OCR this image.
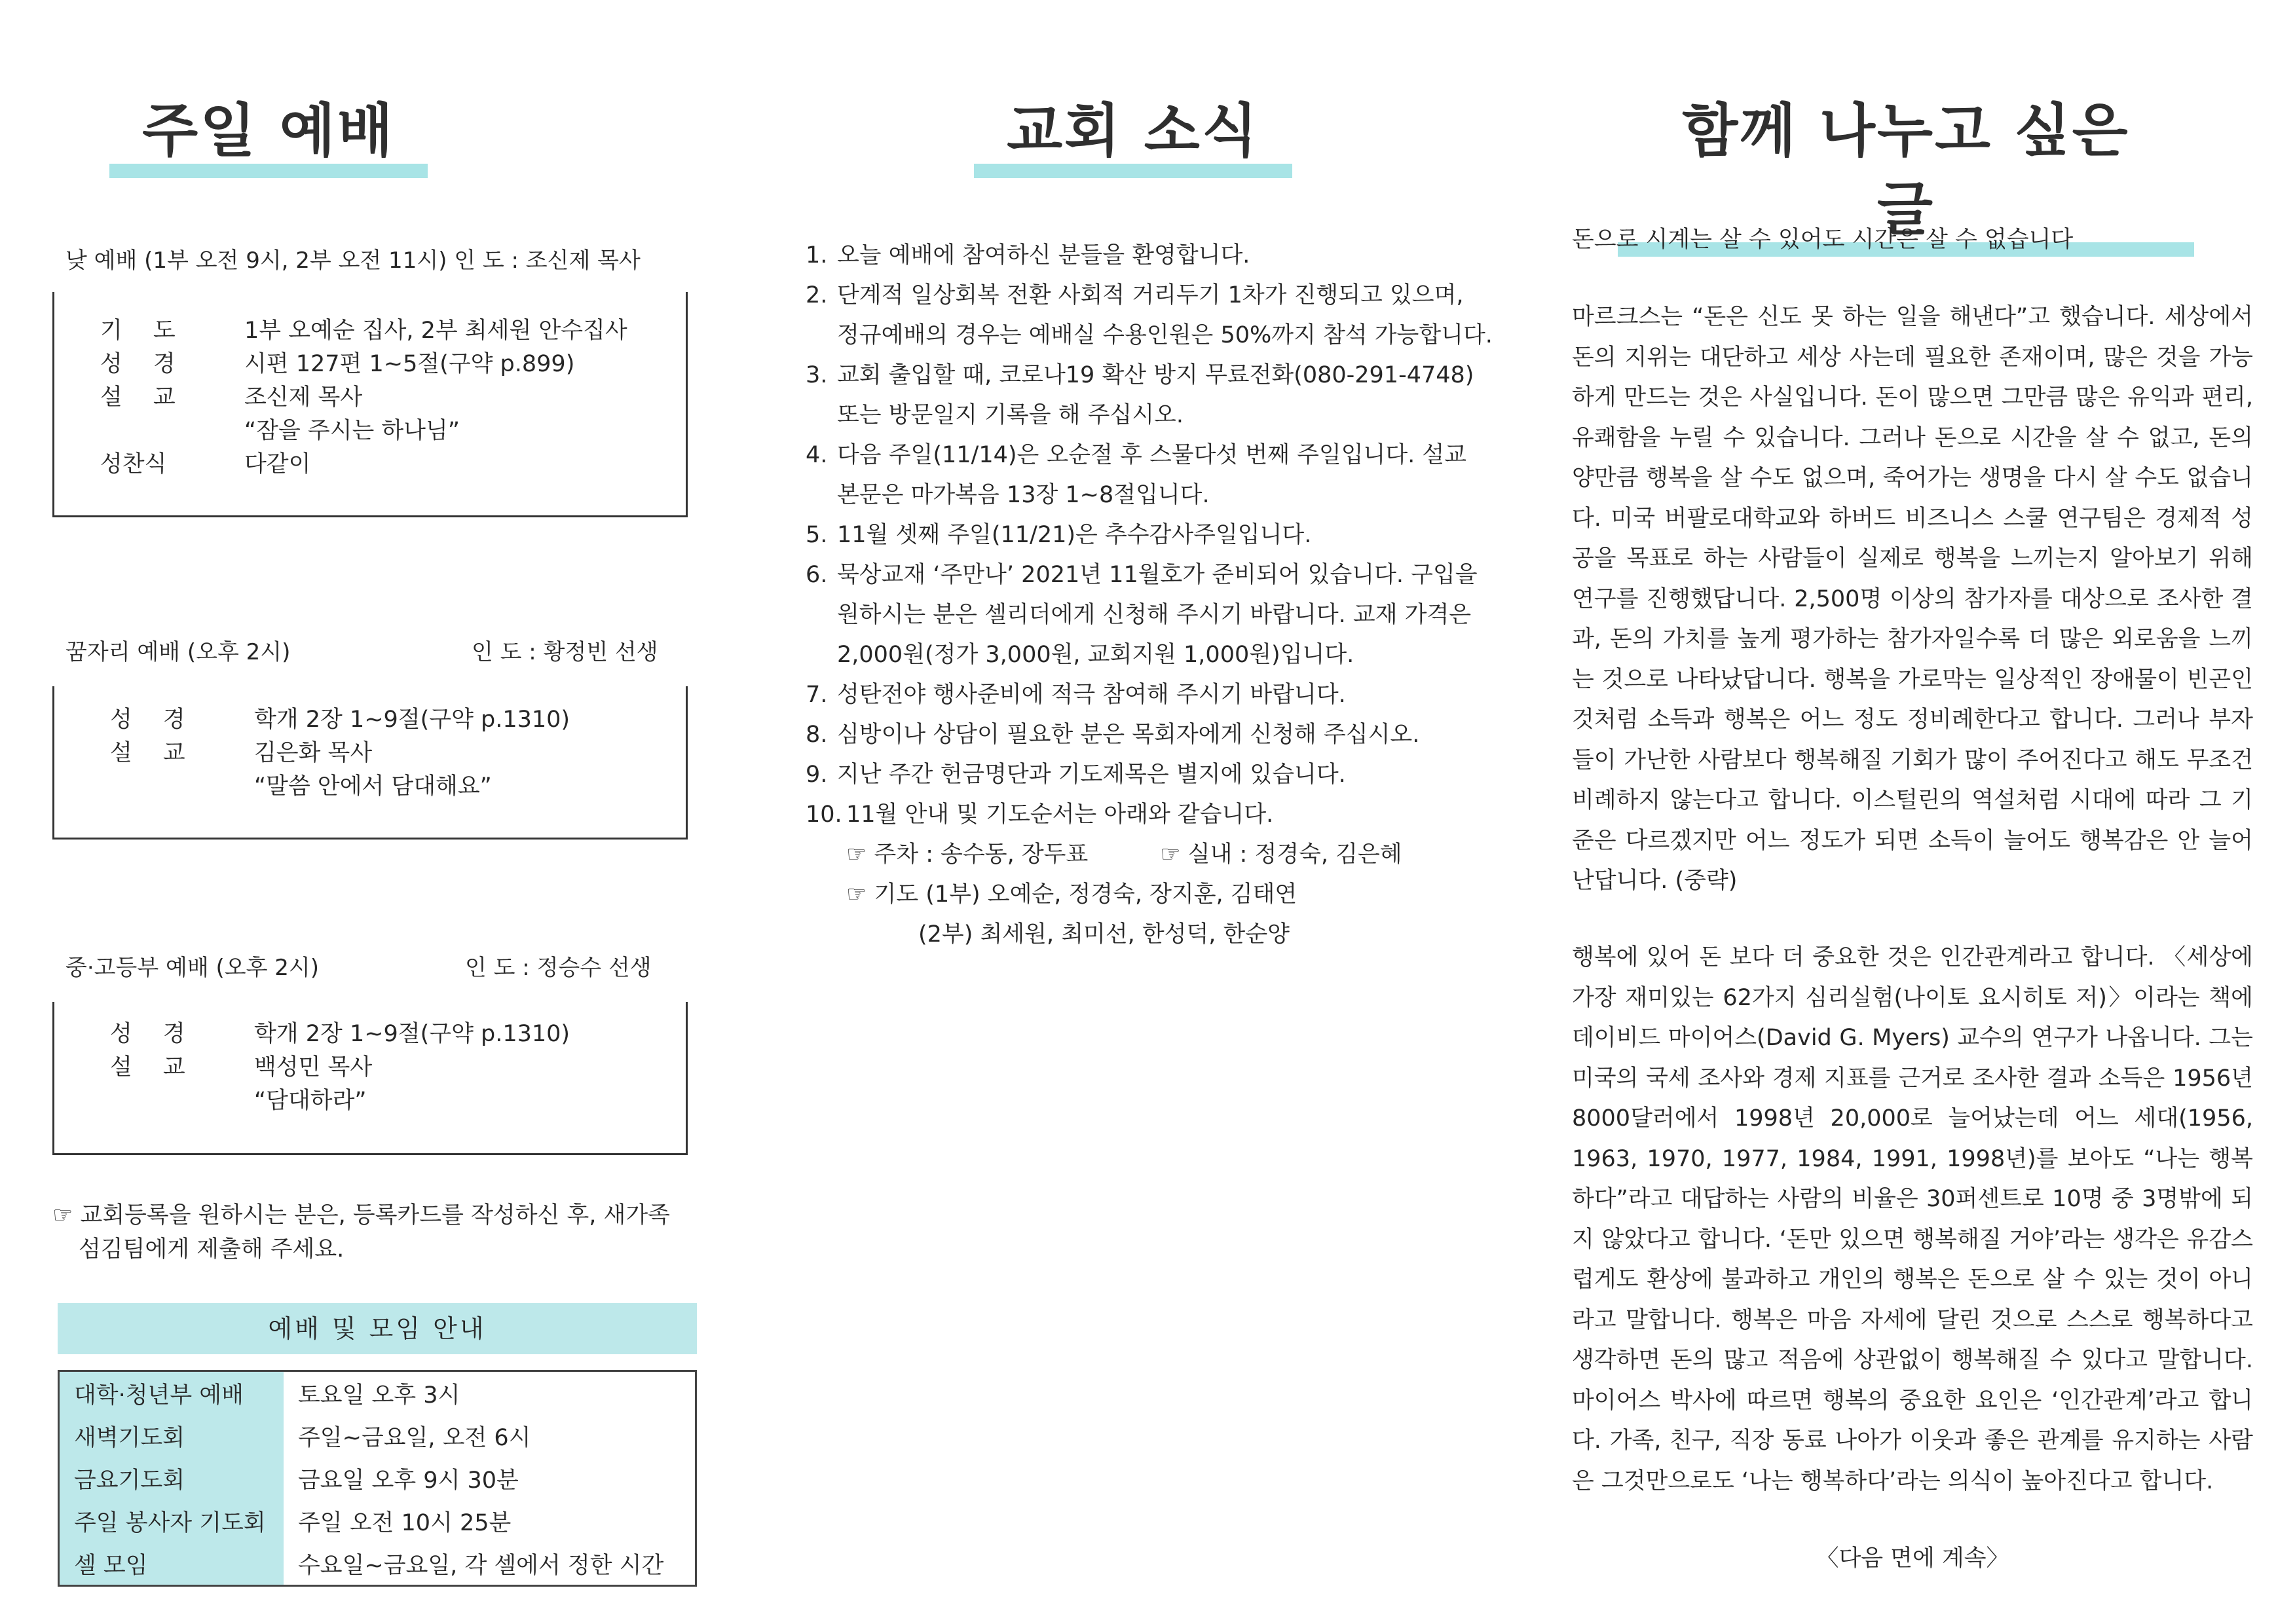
주일 예배
낮 예배 (1부 오전 9시, 2부 오전 11시) 인 도 : 조신제 목사
기 도	1부 오예순 집사, 2부 최세원 안수집사
성 경	시편 127편 1~5절(구약 p.899)
설 교	조신제 목사
“잠을 주시는 하나님”
성찬식	다같이
꿈자리 예배 (오후 2시)	인 도 : 황정빈 선생
성 경	학개 2장 1~9절(구약 p.1310)
설 교	김은화 목사
“말씀 안에서 담대해요”
중·고등부 예배 (오후 2시)	인 도 : 정승수 선생
성 경	학개 2장 1~9절(구약 p.1310)
설 교	백성민 목사
“담대하라”
☞ 교회등록을 원하시는 분은, 등록카드를 작성하신 후, 새가족
섬김팀에게 제출해 주세요.
예배 및 모임 안내
대학·청년부 예배	토요일 오후 3시
새벽기도회	주일~금요일, 오전 6시
금요기도회	금요일 오후 9시 30분
주일 봉사자 기도회	주일 오전 10시 25분
셀 모임	수요일~금요일, 각 셀에서 정한 시간
교회 소식
1. 오늘 예배에 참여하신 분들을 환영합니다.
2. 단계적 일상회복 전환 사회적 거리두기 1차가 진행되고 있으며,
정규예배의 경우는 예배실 수용인원은 50%까지 참석 가능합니다.
3. 교회 출입할 때, 코로나19 확산 방지 무료전화(080-291-4748)
또는 방문일지 기록을 해 주십시오.
4. 다음 주일(11/14)은 오순절 후 스물다섯 번째 주일입니다. 설교
본문은 마가복음 13장 1~8절입니다.
5. 11월 셋째 주일(11/21)은 추수감사주일입니다.
6. 묵상교재 ‘주만나’ 2021년 11월호가 준비되어 있습니다. 구입을
원하시는 분은 셀리더에게 신청해 주시기 바랍니다. 교재 가격은
2,000원(정가 3,000원, 교회지원 1,000원)입니다.
7. 성탄전야 행사준비에 적극 참여해 주시기 바랍니다.
8. 심방이나 상담이 필요한 분은 목회자에게 신청해 주십시오.
9. 지난 주간 헌금명단과 기도제목은 별지에 있습니다.
10. 11월 안내 및 기도순서는 아래와 같습니다.
☞ 주차 : 송수동, 장두표	☞ 실내 : 정경숙, 김은혜
☞ 기도 (1부) 오예순, 정경숙, 장지훈, 김태연
(2부) 최세원, 최미선, 한성덕, 한순양
함께 나누고 싶은 글
돈으로 시계는 살 수 있어도 시간은 살 수 없습니다

마르크스는 “돈은 신도 못 하는 일을 해낸다”고 했습니다. 세상에서 돈의 지위는 대단하고 세상 사는데 필요한 존재이며, 많은 것을 가능하게 만드는 것은 사실입니다. 돈이 많으면 그만큼 많은 유익과 편리, 유쾌함을 누릴 수 있습니다. 그러나 돈으로 시간을 살 수 없고, 돈의 양만큼 행복을 살 수도 없으며, 죽어가는 생명을 다시 살 수도 없습니다. 미국 버팔로대학교와 하버드 비즈니스 스쿨 연구팀은 경제적 성공을 목표로 하는 사람들이 실제로 행복을 느끼는지 알아보기 위해 연구를 진행했답니다. 2,500명 이상의 참가자를 대상으로 조사한 결과, 돈의 가치를 높게 평가하는 참가자일수록 더 많은 외로움을 느끼는 것으로 나타났답니다. 행복을 가로막는 일상적인 장애물이 빈곤인 것처럼 소득과 행복은 어느 정도 정비례한다고 합니다. 그러나 부자들이 가난한 사람보다 행복해질 기회가 많이 주어진다고 해도 무조건 비례하지 않는다고 합니다. 이스털린의 역설처럼 시대에 따라 그 기준은 다르겠지만 어느 정도가 되면 소득이 늘어도 행복감은 안 늘어난답니다. (중략)

행복에 있어 돈 보다 더 중요한 것은 인간관계라고 합니다. 〈세상에 가장 재미있는 62가지 심리실험(나이토 요시히토 저)〉이라는 책에 데이비드 마이어스(David G. Myers) 교수의 연구가 나옵니다. 그는 미국의 국세 조사와 경제 지표를 근거로 조사한 결과 소득은 1956년 8000달러에서 1998년 20,000로 늘어났는데 어느 세대(1956, 1963, 1970, 1977, 1984, 1991, 1998년)를 보아도 “나는 행복하다”라고 대답하는 사람의 비율은 30퍼센트로 10명 중 3명밖에 되지 않았다고 합니다. ‘돈만 있으면 행복해질 거야’라는 생각은 유감스럽게도 환상에 불과하고 개인의 행복은 돈으로 살 수 있는 것이 아니라고 말합니다. 행복은 마음 자세에 달린 것으로 스스로 행복하다고 생각하면 돈의 많고 적음에 상관없이 행복해질 수 있다고 말합니다. 마이어스 박사에 따르면 행복의 중요한 요인은 ‘인간관계’라고 합니다. 가족, 친구, 직장 동료 나아가 이웃과 좋은 관계를 유지하는 사람은 그것만으로도 ‘나는 행복하다’라는 의식이 높아진다고 합니다.

〈다음 면에 계속〉
